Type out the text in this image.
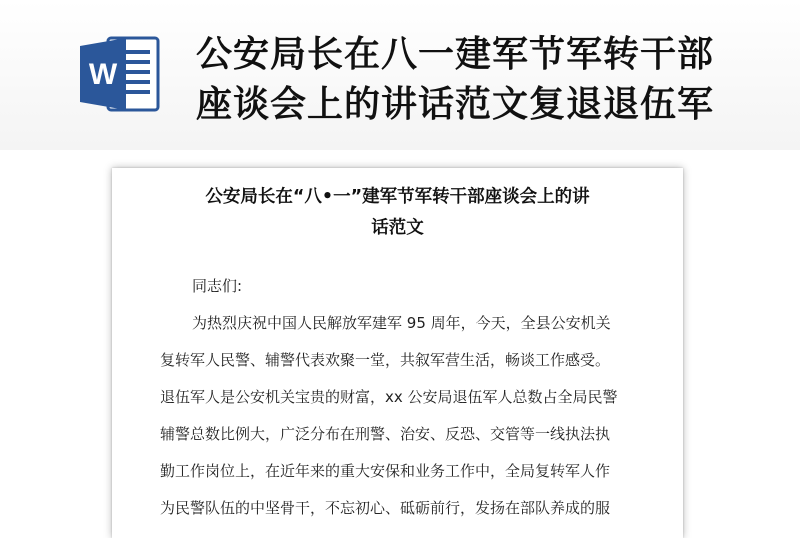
W 公安局长在八一建军节军转干部
座谈会上的讲话范文复退退伍军
公安局长在“八•一”建军节军转干部座谈会上的讲
话范文
同志们:
为热烈庆祝中国人民解放军建军 95 周年，今天，全县公安机关
复转军人民警、辅警代表欢聚一堂，共叙军营生活，畅谈工作感受。
退伍军人是公安机关宝贵的财富，xx 公安局退伍军人总数占全局民警
辅警总数比例大，广泛分布在刑警、治安、反恐、交管等一线执法执
勤工作岗位上，在近年来的重大安保和业务工作中，全局复转军人作
为民警队伍的中坚骨干，不忘初心、砥砺前行，发扬在部队养成的服
